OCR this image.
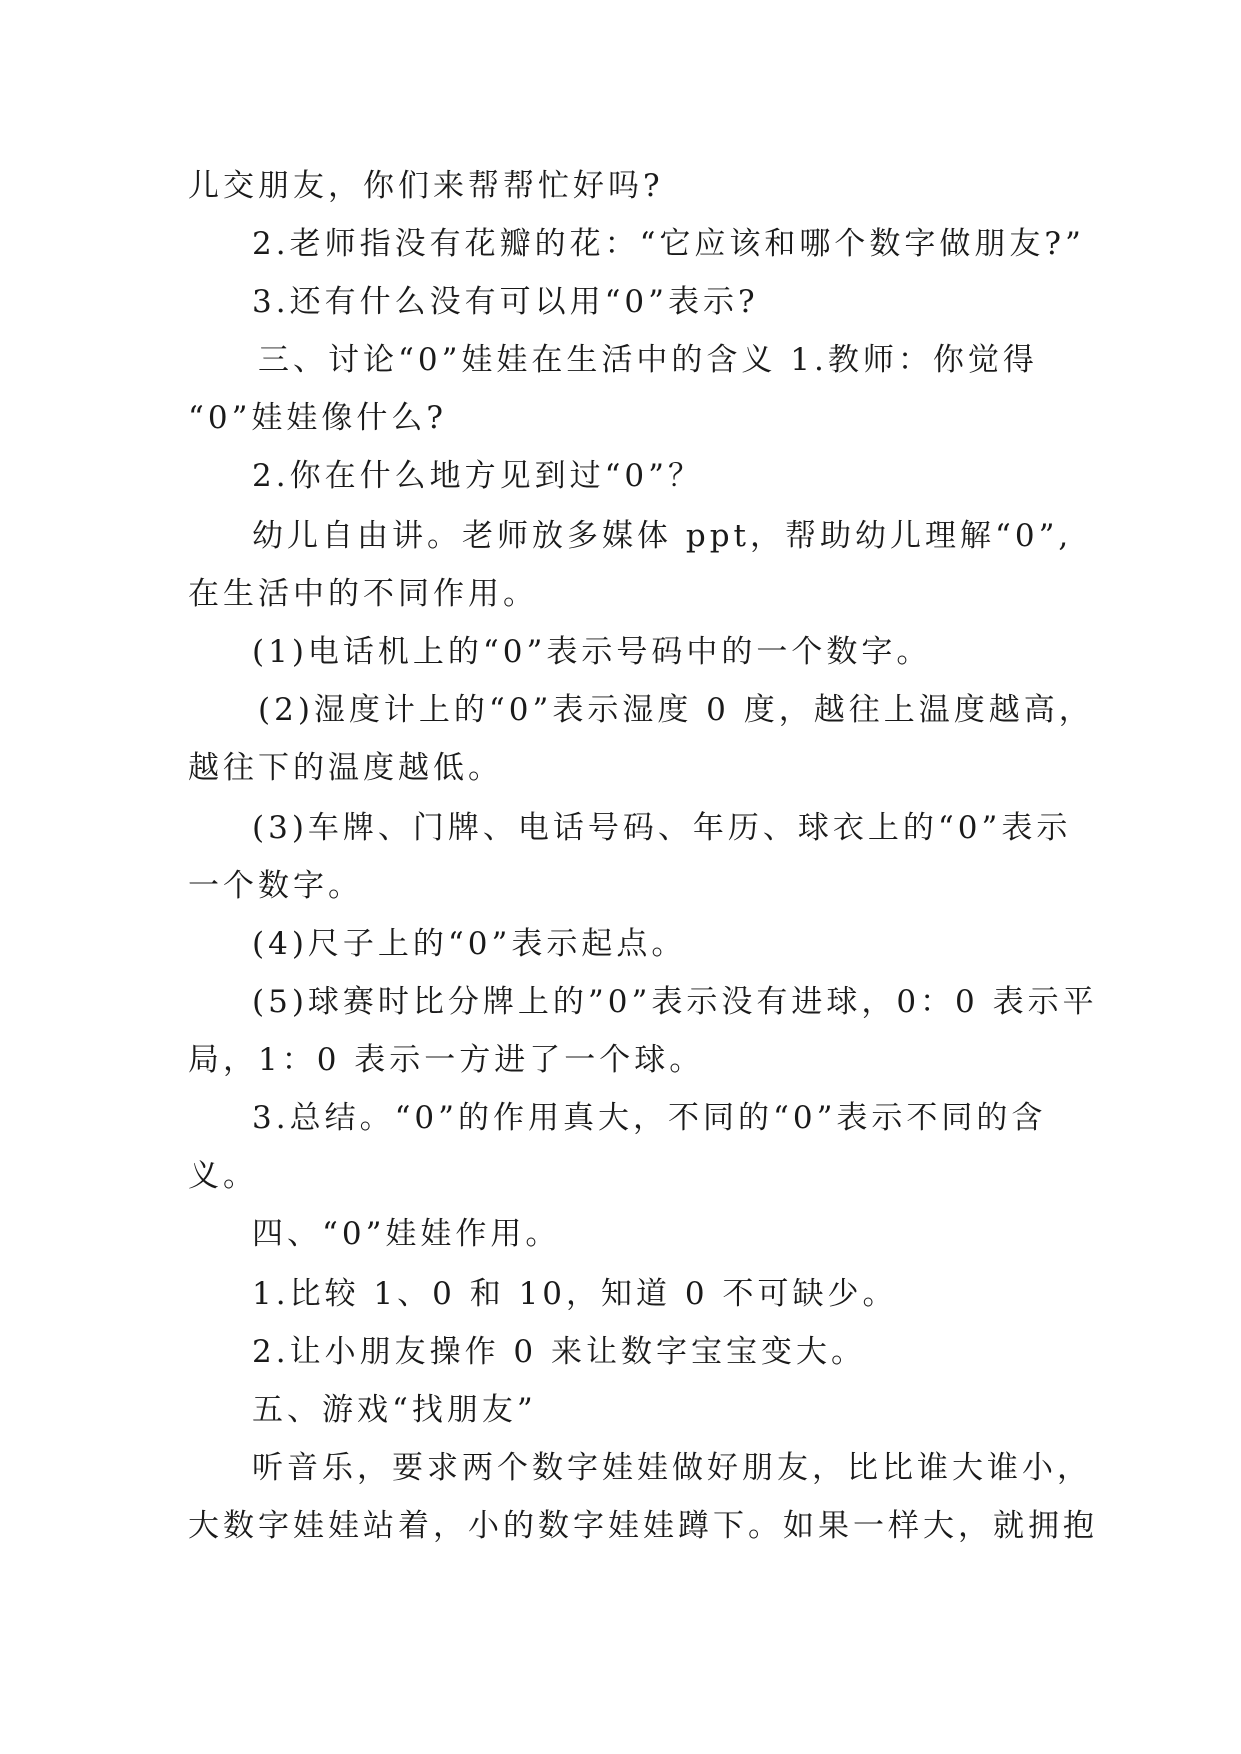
儿交朋友，你们来帮帮忙好吗?
2.老师指没有花瓣的花：“它应该和哪个数字做朋友?”
3.还有什么没有可以用“0”表示?
三、讨论“0”娃娃在生活中的含义 1.教师：你觉得
“0”娃娃像什么?
2.你在什么地方见到过“0”？
幼儿自由讲。老师放多媒体 ppt，帮助幼儿理解“0”,
在生活中的不同作用。
(1)电话机上的“0”表示号码中的一个数字。
(2)湿度计上的“0”表示湿度 0 度，越往上温度越高，
越往下的温度越低。
(3)车牌、门牌、电话号码、年历、球衣上的“0”表示
一个数字。
(4)尺子上的“0”表示起点。
(5)球赛时比分牌上的”0”表示没有进球，0：0 表示平
局，1：0 表示一方进了一个球。
3.总结。“0”的作用真大，不同的“0”表示不同的含
义。
四、“0”娃娃作用。
1.比较 1、0 和 10，知道 0 不可缺少。
2.让小朋友操作 0 来让数字宝宝变大。
五、游戏“找朋友”
听音乐，要求两个数字娃娃做好朋友，比比谁大谁小，
大数字娃娃站着，小的数字娃娃蹲下。如果一样大，就拥抱
